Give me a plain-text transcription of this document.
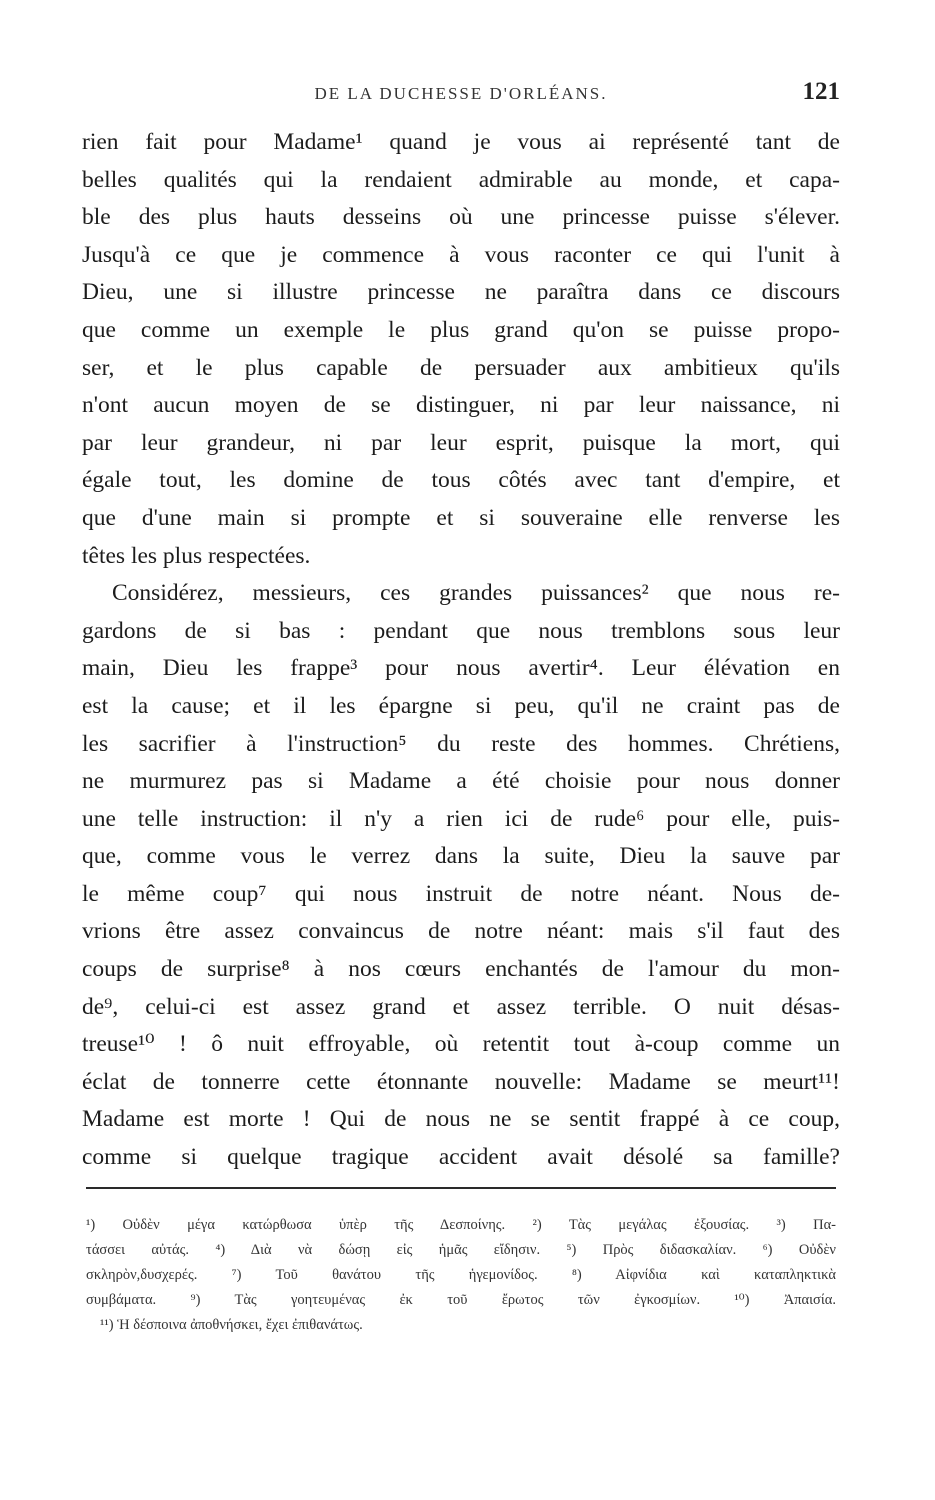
DE LA DUCHESSE D'ORLÉANS.	121
rien fait pour Madame¹ quand je vous ai représenté tant de
belles qualités qui la rendaient admirable au monde, et capa-
ble des plus hauts desseins où une princesse puisse s'élever.
Jusqu'à ce que je commence à vous raconter ce qui l'unit à
Dieu, une si illustre princesse ne paraîtra dans ce discours
que comme un exemple le plus grand qu'on se puisse propo-
ser, et le plus capable de persuader aux ambitieux qu'ils
n'ont aucun moyen de se distinguer, ni par leur naissance, ni
par leur grandeur, ni par leur esprit, puisque la mort, qui
égale tout, les domine de tous côtés avec tant d'empire, et
que d'une main si prompte et si souveraine elle renverse les
têtes les plus respectées.
Considérez, messieurs, ces grandes puissances² que nous re-
gardons de si bas : pendant que nous tremblons sous leur
main, Dieu les frappe³ pour nous avertir⁴. Leur élévation en
est la cause; et il les épargne si peu, qu'il ne craint pas de
les sacrifier à l'instruction⁵ du reste des hommes. Chrétiens,
ne murmurez pas si Madame a été choisie pour nous donner
une telle instruction: il n'y a rien ici de rude⁶ pour elle, puis-
que, comme vous le verrez dans la suite, Dieu la sauve par
le même coup⁷ qui nous instruit de notre néant. Nous de-
vrions être assez convaincus de notre néant: mais s'il faut des
coups de surprise⁸ à nos cœurs enchantés de l'amour du mon-
de⁹, celui-ci est assez grand et assez terrible. O nuit désas-
treuse¹⁰ ! ô nuit effroyable, où retentit tout à-coup comme un
éclat de tonnerre cette étonnante nouvelle: Madame se meurt¹¹!
Madame est morte ! Qui de nous ne se sentit frappé à ce coup,
comme si quelque tragique accident avait désolé sa famille?
¹) Οὐδὲν μέγα κατώρθωσα ὑπὲρ τῆς Δεσποίνης. ²) Τὰς μεγάλας ἐξουσίας. ³) Πα-
τάσσει αὐτάς. ⁴) Διὰ νὰ δώσῃ εἰς ἡμᾶς εἴδησιν. ⁵) Πρὸς διδασκαλίαν. ⁶) Οὐδὲν
σκληρὸν,δυσχερές. ⁷) Τοῦ θανάτου τῆς ἡγεμονίδος. ⁸) Αἰφνίδια καὶ καταπληκτικὰ
συμβάματα. ⁹) Τὰς γοητευμένας ἐκ τοῦ ἔρωτος τῶν ἐγκοσμίων. ¹⁰) Ἀπαισία.
¹¹) Ἡ δέσποινα ἀποθνήσκει, ἔχει ἐπιθανάτως.
